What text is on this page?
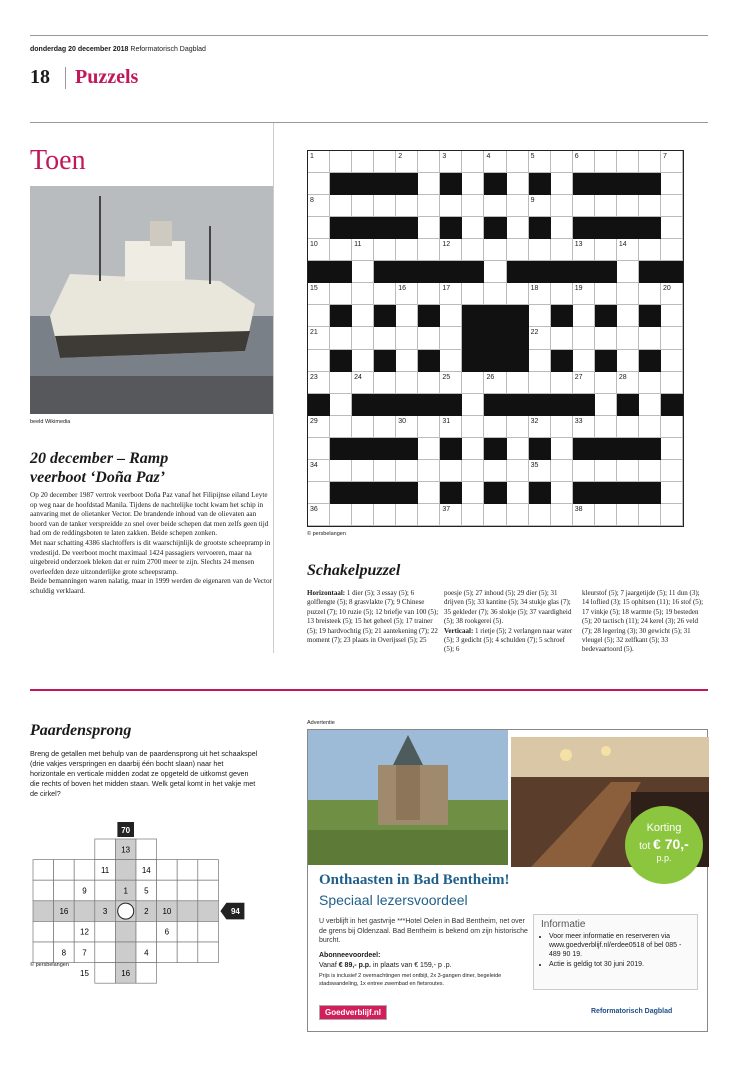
donderdag 20 december 2018 Reformatorisch Dagblad
18 Puzzels
Toen
beeld Wikimedia
20 december – Ramp
veerboot ‘Doña Paz’
Op 20 december 1987 vertrok veerboot Doña Paz vanaf het Filipijnse eiland Leyte op weg naar de hoofdstad Manila. Tijdens de nachtelijke tocht kwam het schip in aanvaring met de olietanker Vector. De brandende inhoud van de olievaten aan boord van de tanker verspreidde zo snel over beide schepen dat men zelfs geen tijd had om de reddingsboten te laten zakken. Beide schepen zonken.
Met naar schatting 4386 slachtoffers is dit waarschijnlijk de grootste scheepramp in vredestijd. De veerboot mocht maximaal 1424 passagiers vervoeren, maar na uitgebreid onderzoek bleken dat er ruim 2700 meer te zijn. Slechts 24 mensen overleefden deze uitzonderlijke grote scheepsramp.
Beide bemanningen waren nalatig, maar in 1999 werden de eigenaren van de Vector schuldig verklaard.
1	2	3	4	5	6	7
8	9
10	11	12	13	14
15	16	17	18	19	20
21	22
23	24	25	26	27	28
29	30	31	32	33
34	35
36	37	38
© persbelangen
Schakelpuzzel
Horizontaal: 1 dier (5); 3 essay (5); 6 golflengte (5); 8 grasvlakte (7); 9 Chinese puzzel (7); 10 ruzie (5); 12 briefje van 100 (5); 13 breisteek (5); 15 het geheel (5); 17 trainer (5); 19 hardvochtig (5); 21 aantekening (7); 22 moment (7); 23 plaats in Overijssel (5); 25
poesje (5); 27 inhoud (5); 29 dier (5); 31 drijven (5); 33 kantine (5); 34 stukje glas (7); 35 gekleder (7); 36 slokje (5); 37 vaardigheid (5); 38 rookgerei (5).
Verticaal: 1 rietje (5); 2 verlangen naar water (5); 3 gedicht (5); 4 schulden (7); 5 schroef (5); 6
kleurstof (5); 7 jaargetijde (5); 11 dun (3); 14 loflied (3); 15 ophitsen (11); 16 stof (5); 17 vinkje (5); 18 warmte (5); 19 besteden (5); 20 tactisch (11); 24 kerel (3); 26 veld (7); 28 legering (3); 30 gewicht (5); 31 vleugel (5); 32 zelfkant (5); 33 bedevaartoord (5).
Paardensprong
Breng de getallen met behulp van de paardensprong uit het schaakspel (drie vakjes verspringen en daarbij één bocht slaan) naar het horizontale en verticale midden zodat ze opgeteld de uitkomst geven die rechts of boven het midden staan. Welk getal komt in het vakje met de cirkel?
13
11	14
9	1 5
16	3	2 10
12	6
8 7	4
15	16
70
94
© persbelangen
Advertentie
Korting
tot € 70,-
p.p.
Onthaasten in Bad Bentheim!
Speciaal lezersvoordeel
U verblijft in het gastvrije ***Hotel Oelen in Bad Bentheim, net over de grens bij Oldenzaal. Bad Bentheim is bekend om zijn historische burcht.
Abonneevoordeel:
Vanaf € 89,- p.p. in plaats van € 159,- p .p.
Prijs is inclusief 2 overnachtingen met ontbijt, 2x 3-gangen diner, begeleide stadswandeling, 1x entree zwembad en fietsroutes.
Informatie
• Voor meer informatie en reserveren via www.goedverblijf.nl/erdee0518 of bel 085 - 489 90 19.
• Actie is geldig tot 30 juni 2019.
Goedverblijf.nl	Reformatorisch Dagblad
